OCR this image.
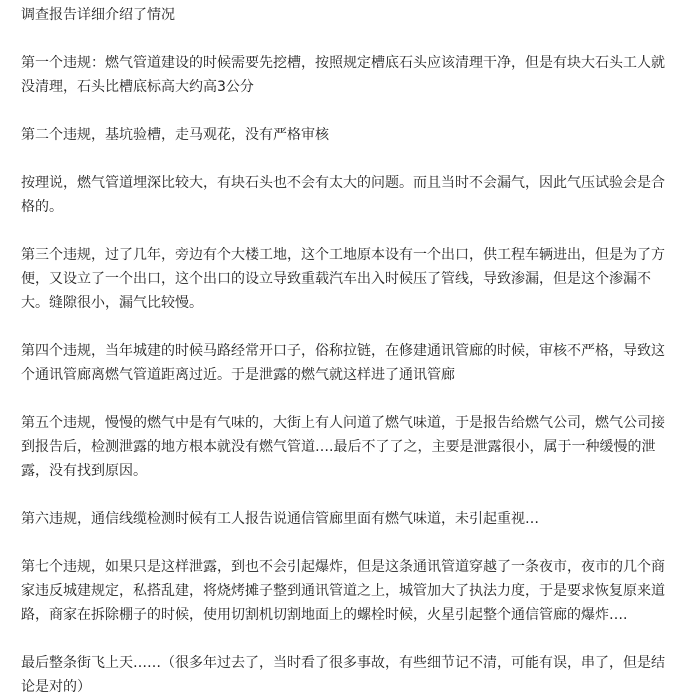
调查报告详细介绍了情况

第一个违规：燃气管道建设的时候需要先挖槽，按照规定槽底石头应该清理干净，但是有块大石头工人就没清理，石头比槽底标高大约高3公分

第二个违规，基坑验槽，走马观花，没有严格审核

按理说，燃气管道埋深比较大，有块石头也不会有太大的问题。而且当时不会漏气，因此气压试验会是合格的。

第三个违规，过了几年，旁边有个大楼工地，这个工地原本设有一个出口，供工程车辆进出，但是为了方便，又设立了一个出口，这个出口的设立导致重载汽车出入时候压了管线，导致渗漏，但是这个渗漏不大。缝隙很小，漏气比较慢。

第四个违规，当年城建的时候马路经常开口子，俗称拉链，在修建通讯管廊的时候，审核不严格，导致这个通讯管廊离燃气管道距离过近。于是泄露的燃气就这样进了通讯管廊

第五个违规，慢慢的燃气中是有气味的，大街上有人问道了燃气味道，于是报告给燃气公司，燃气公司接到报告后，检测泄露的地方根本就没有燃气管道….最后不了了之，主要是泄露很小，属于一种缓慢的泄露，没有找到原因。

第六违规，通信线缆检测时候有工人报告说通信管廊里面有燃气味道，未引起重视…

第七个违规，如果只是这样泄露，到也不会引起爆炸，但是这条通讯管道穿越了一条夜市，夜市的几个商家违反城建规定，私搭乱建，将烧烤摊子整到通讯管道之上，城管加大了执法力度，于是要求恢复原来道路，商家在拆除棚子的时候，使用切割机切割地面上的螺栓时候，火星引起整个通信管廊的爆炸….

最后整条街飞上天……（很多年过去了，当时看了很多事故，有些细节记不清，可能有误，串了，但是结论是对的）
